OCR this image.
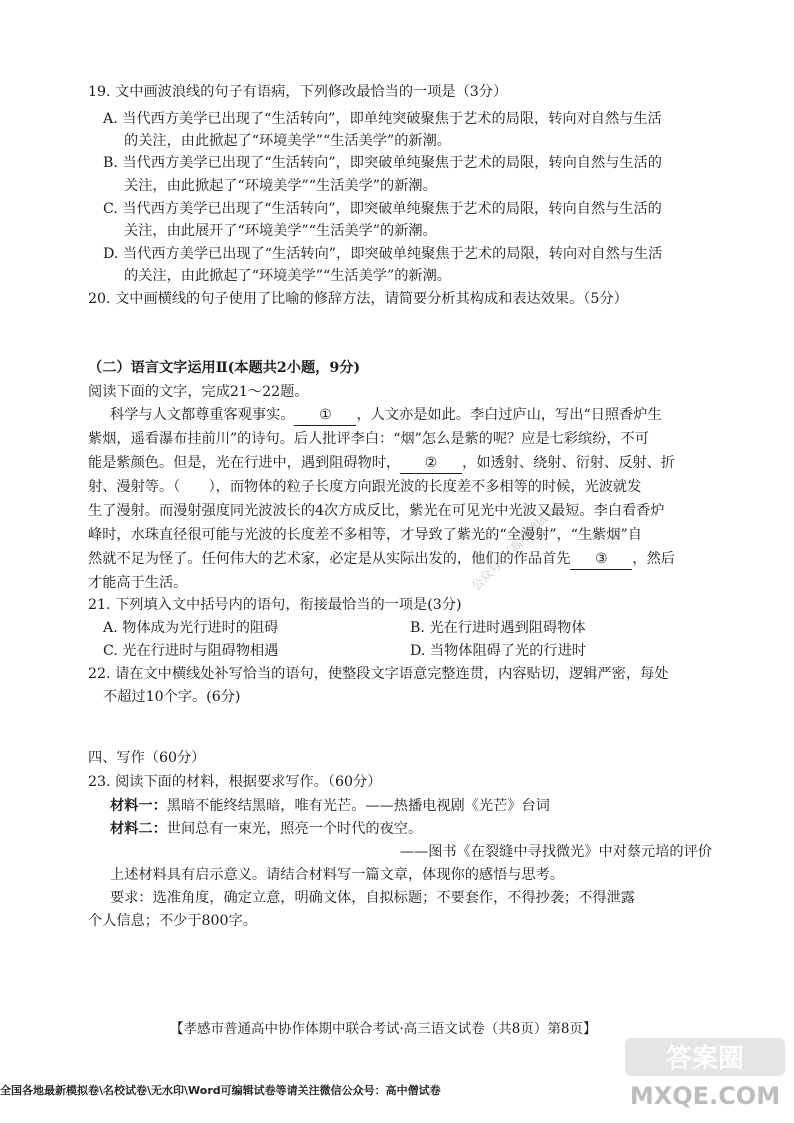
公众号：《高中僧试卷》
19. 文中画波浪线的句子有语病，下列修改最恰当的一项是（3分）
A. 当代西方美学已出现了“生活转向”，即单纯突破聚焦于艺术的局限，转向对自然与生活
的关注，由此掀起了“环境美学”“生活美学”的新潮。
B. 当代西方美学已出现了“生活转向”，即突破单纯聚焦于艺术的局限，转向自然与生活的
关注，由此掀起了“环境美学”“生活美学”的新潮。
C. 当代西方美学已出现了“生活转向”，即突破单纯聚焦于艺术的局限，转向自然与生活的
关注，由此展开了“环境美学”“生活美学”的新潮。
D. 当代西方美学已出现了“生活转向”，即突破单纯聚焦于艺术的局限，转向对自然与生活
的关注，由此掀起了“环境美学”“生活美学”的新潮。
20. 文中画横线的句子使用了比喻的修辞方法，请简要分析其构成和表达效果。（5分）
（二）语言文字运用Ⅱ(本题共2小题，9分)
阅读下面的文字，完成21～22题。
科学与人文都尊重客观事实。 ① ，人文亦是如此。李白过庐山，写出“日照香炉生
紫烟，遥看瀑布挂前川”的诗句。后人批评李白：“烟”怎么是紫的呢？应是七彩缤纷，不可
能是紫颜色。但是，光在行进中，遇到阻碍物时， ② ，如透射、绕射、衍射、反射、折
射、漫射等。（　　），而物体的粒子长度方向跟光波的长度差不多相等的时候，光波就发
生了漫射。而漫射强度同光波波长的4次方成反比，紫光在可见光中光波又最短。李白看香炉
峰时，水珠直径很可能与光波的长度差不多相等，才导致了紫光的“全漫射”，“生紫烟”自
然就不足为怪了。任何伟大的艺术家，必定是从实际出发的，他们的作品首先 ③ ，然后
才能高于生活。
21. 下列填入文中括号内的语句，衔接最恰当的一项是(3分)
A. 物体成为光行进时的阻碍	B. 光在行进时遇到阻碍物体
C. 光在行进时与阻碍物相遇	D. 当物体阻碍了光的行进时
22. 请在文中横线处补写恰当的语句，使整段文字语意完整连贯，内容贴切，逻辑严密，每处
不超过10个字。(6分)
四、写作（60分）
23. 阅读下面的材料，根据要求写作。（60分）
材料一：黑暗不能终结黑暗，唯有光芒。——热播电视剧《光芒》台词
材料二：世间总有一束光，照亮一个时代的夜空。
——图书《在裂缝中寻找微光》中对蔡元培的评价
上述材料具有启示意义。请结合材料写一篇文章，体现你的感悟与思考。
要求：选准角度，确定立意，明确文体，自拟标题；不要套作，不得抄袭；不得泄露
个人信息；不少于800字。
【孝感市普通高中协作体期中联合考试·高三语文试卷（共8页）第8页】
答案圈
MXQE.COM
全国各地最新模拟卷\名校试卷\无水印\Word可编辑试卷等请关注微信公众号：高中僧试卷
